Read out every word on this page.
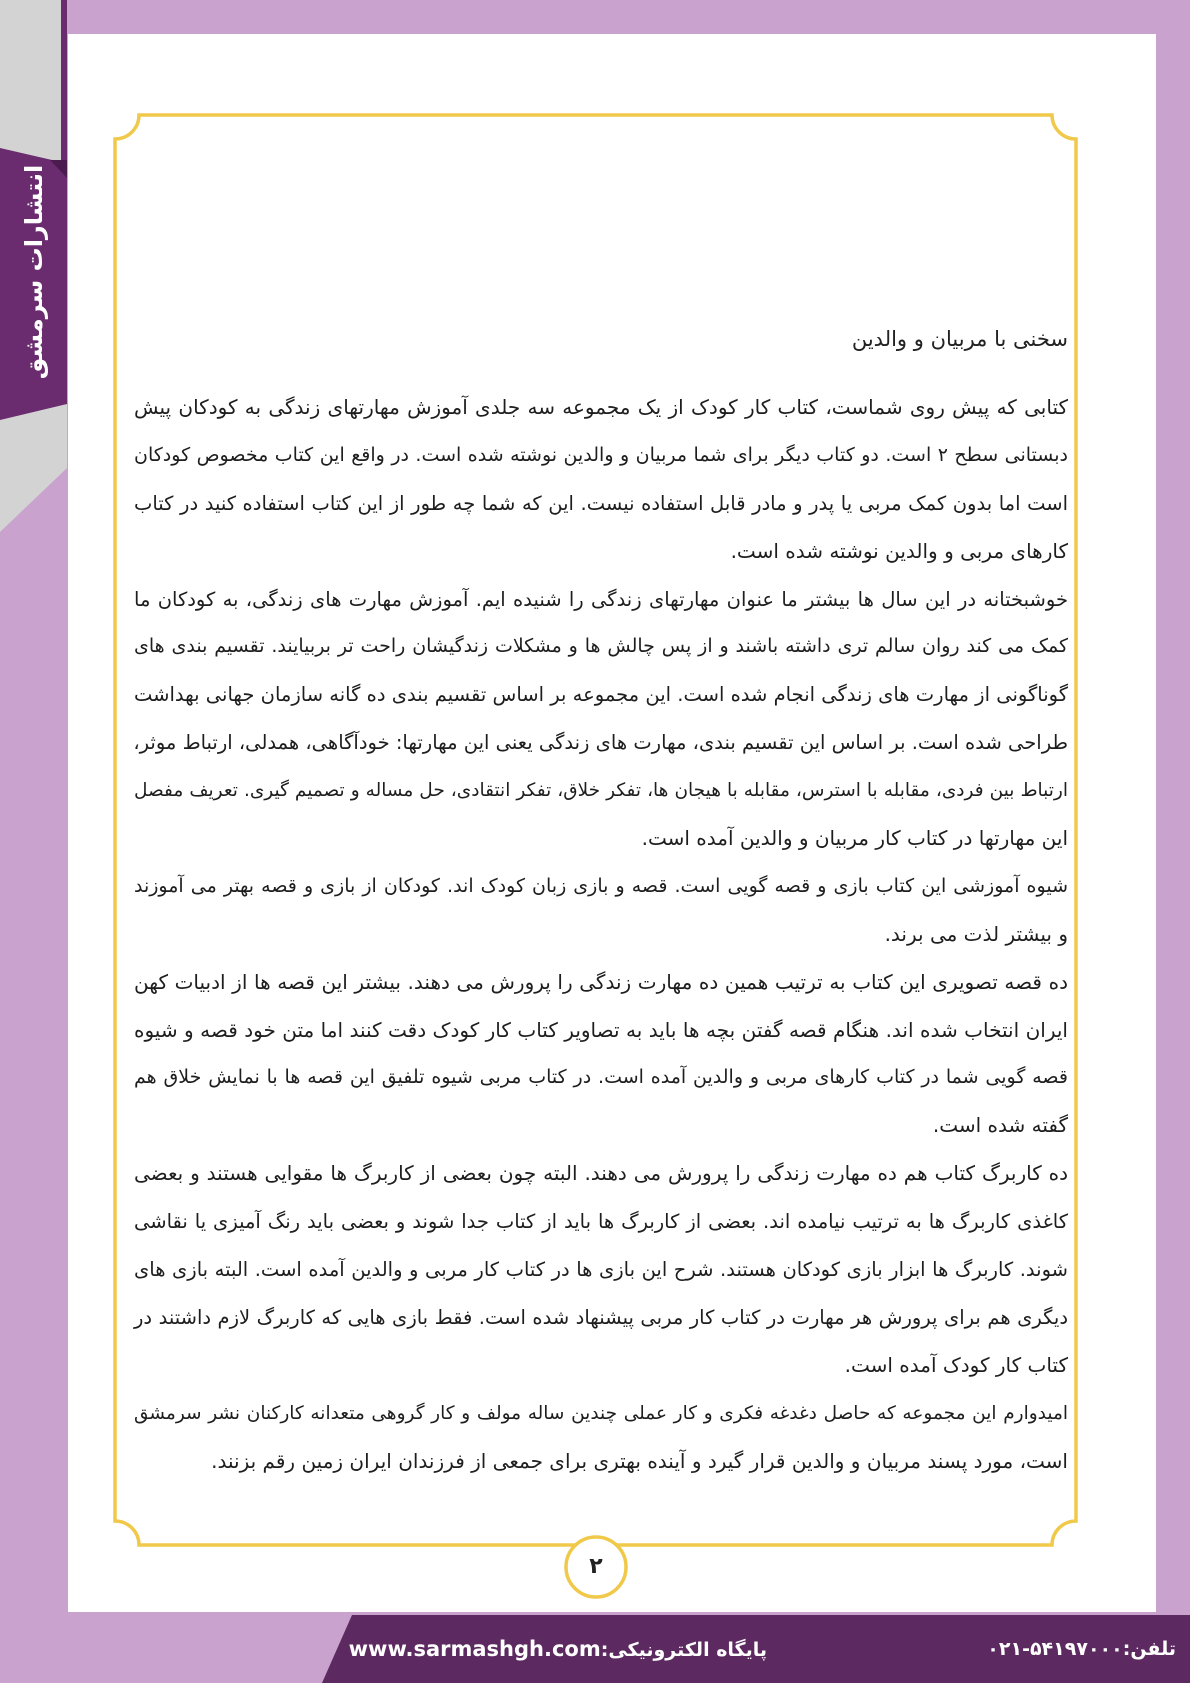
انتشارات سرمشق	سخنی با مربیان و والدین
کتابی که پیش روی شماست، کتاب کار کودک از یک مجموعه سه جلدی آموزش مهارتهای زندگی به کودکان پیش
دبستانی سطح ۲ است. دو کتاب دیگر برای شما مربیان و والدین نوشته شده است. در واقع این کتاب مخصوص کودکان
است اما بدون کمک مربی یا پدر و مادر قابل استفاده نیست. این که شما چه طور از این کتاب استفاده کنید در کتاب
کارهای مربی و والدین نوشته شده است.
خوشبختانه در این سال ها بیشتر ما عنوان مهارتهای زندگی را شنیده ایم. آموزش مهارت های زندگی، به کودکان ما
کمک می کند روان سالم تری داشته باشند و از پس چالش ها و مشکلات زندگیشان راحت تر بربیایند. تقسیم بندی های
گوناگونی از مهارت های زندگی انجام شده است. این مجموعه بر اساس تقسیم بندی ده گانه سازمان جهانی بهداشت
طراحی شده است. بر اساس این تقسیم بندی، مهارت های زندگی یعنی این مهارتها: خودآگاهی، همدلی، ارتباط موثر،
ارتباط بین فردی، مقابله با استرس، مقابله با هیجان ها، تفکر خلاق، تفکر انتقادی، حل مساله و تصمیم گیری. تعریف مفصل
این مهارتها در کتاب کار مربیان و والدین آمده است.
شیوه آموزشی این کتاب بازی و قصه گویی است. قصه و بازی زبان کودک اند. کودکان از بازی و قصه بهتر می آموزند
و بیشتر لذت می برند.
ده قصه تصویری این کتاب به ترتیب همین ده مهارت زندگی را پرورش می دهند. بیشتر این قصه ها از ادبیات کهن
ایران انتخاب شده اند. هنگام قصه گفتن بچه ها باید به تصاویر کتاب کار کودک دقت کنند اما متن خود قصه و شیوه
قصه گویی شما در کتاب کارهای مربی و والدین آمده است. در کتاب مربی شیوه تلفیق این قصه ها با نمایش خلاق هم
گفته شده است.
ده کاربرگ کتاب هم ده مهارت زندگی را پرورش می دهند. البته چون بعضی از کاربرگ ها مقوایی هستند و بعضی
کاغذی کاربرگ ها به ترتیب نیامده اند. بعضی از کاربرگ ها باید از کتاب جدا شوند و بعضی باید رنگ آمیزی یا نقاشی
شوند. کاربرگ ها ابزار بازی کودکان هستند. شرح این بازی ها در کتاب کار مربی و والدین آمده است. البته بازی های
دیگری هم برای پرورش هر مهارت در کتاب کار مربی پیشنهاد شده است. فقط بازی هایی که کاربرگ لازم داشتند در
کتاب کار کودک آمده است.
امیدوارم این مجموعه که حاصل دغدغه فکری و کار عملی چندین ساله مولف و کار گروهی متعدانه کارکنان نشر سرمشق
است، مورد پسند مربیان و والدین قرار گیرد و آینده بهتری برای جمعی از فرزندان ایران زمین رقم بزنند.
۲
پایگاه الکترونیکی:www.sarmashgh.com	تلفن:۰۲۱-۵۴۱۹۷۰۰۰
